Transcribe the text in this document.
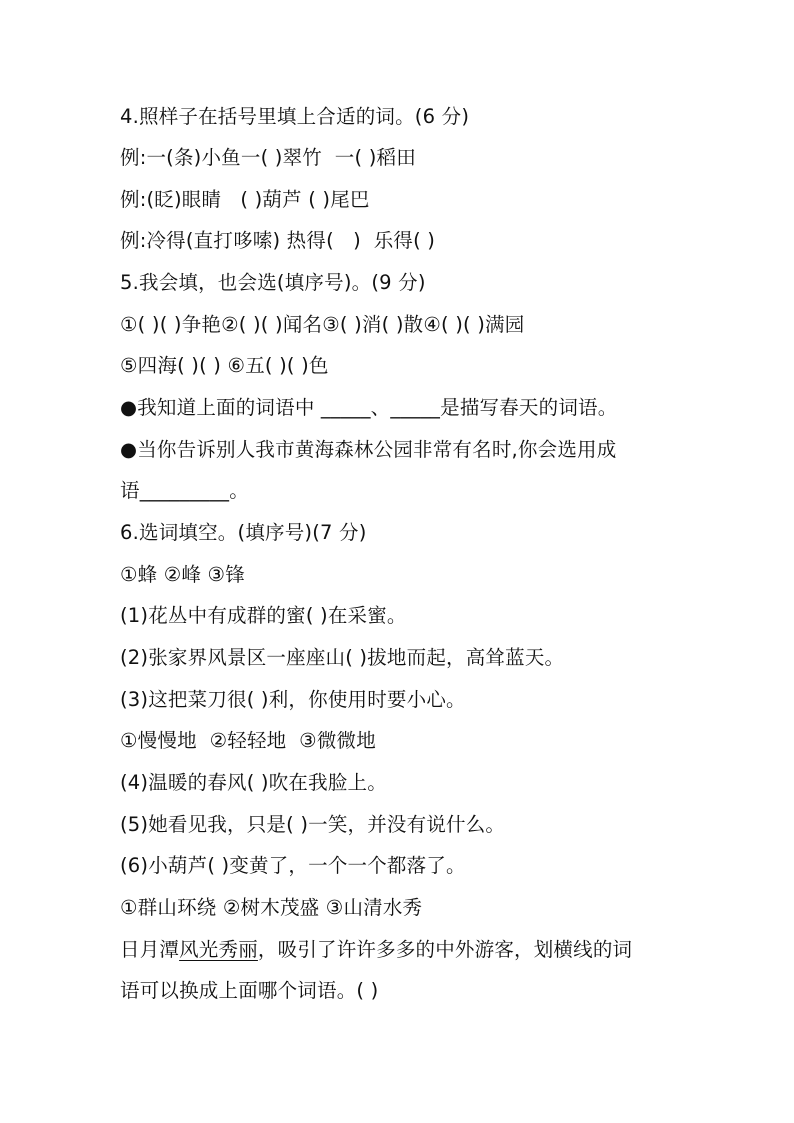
4.照样子在括号里填上合适的词。(6 分)
例:一(条)小鱼一( )翠竹  一( )稻田
例:(眨)眼睛   ( )葫芦 ( )尾巴
例:冷得(直打哆嗦) 热得(   )  乐得( )
5.我会填，也会选(填序号)。(9 分)
①( )( )争艳②( )( )闻名③( )消( )散④( )( )满园
⑤四海( )( ) ⑥五( )( )色
●我知道上面的词语中 _____、_____是描写春天的词语。
●当你告诉别人我市黄海森林公园非常有名时,你会选用成
语_________。
6.选词填空。(填序号)(7 分)
①蜂 ②峰 ③锋
(1)花丛中有成群的蜜( )在采蜜。
(2)张家界风景区一座座山( )拔地而起，高耸蓝天。
(3)这把菜刀很( )利，你使用时要小心。
①慢慢地  ②轻轻地  ③微微地
(4)温暖的春风( )吹在我脸上。
(5)她看见我，只是( )一笑，并没有说什么。
(6)小葫芦( )变黄了，一个一个都落了。
①群山环绕 ②树木茂盛 ③山清水秀
日月潭风光秀丽，吸引了许许多多的中外游客，划横线的词
语可以换成上面哪个词语。( )
